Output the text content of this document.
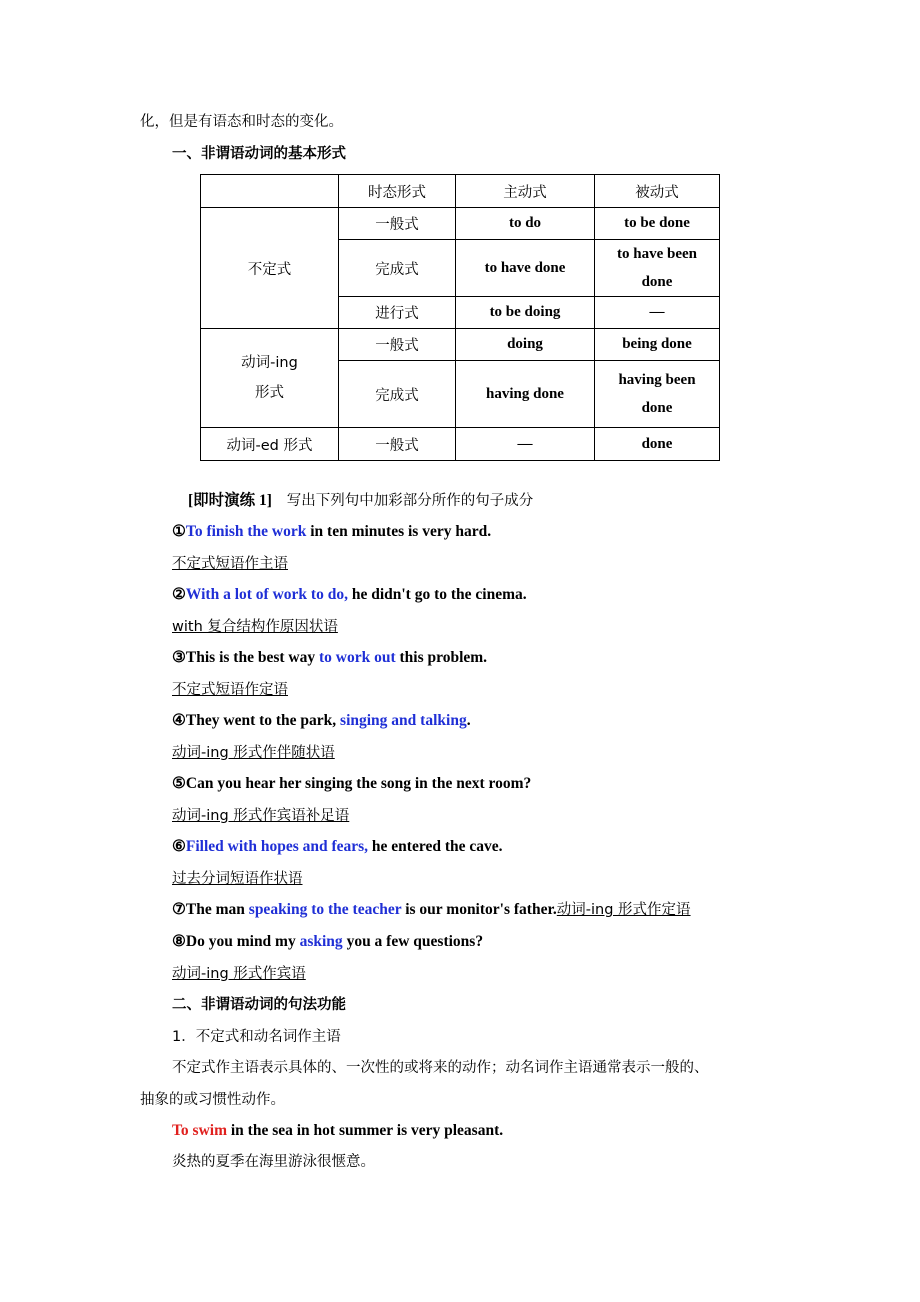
化，但是有语态和时态的变化。
一、非谓语动词的基本形式
	时态形式	主动式	被动式
不定式	一般式	to do	to be done
	完成式	to have done	to have been
done
	进行式	to be doing	—
动词-ing
形式	一般式	doing	being done
	完成式	having done	having been
done
动词-ed 形式	一般式	—	done
[即时演练 1] 写出下列句中加彩部分所作的句子成分
①To finish the work in ten minutes is very hard.
不定式短语作主语
②With a lot of work to do, he didn't go to the cinema.
with 复合结构作原因状语
③This is the best way to work out this problem.
不定式短语作定语
④They went to the park, singing and talking.
动词-ing 形式作伴随状语
⑤Can you hear her singing the song in the next room?
动词-ing 形式作宾语补足语
⑥Filled with hopes and fears, he entered the cave.
过去分词短语作状语
⑦The man speaking to the teacher is our monitor's father.动词-ing 形式作定语
⑧Do you mind my asking you a few questions?
动词-ing 形式作宾语
二、非谓语动词的句法功能
1．不定式和动名词作主语
不定式作主语表示具体的、一次性的或将来的动作；动名词作主语通常表示一般的、
抽象的或习惯性动作。
To swim in the sea in hot summer is very pleasant.
炎热的夏季在海里游泳很惬意。
